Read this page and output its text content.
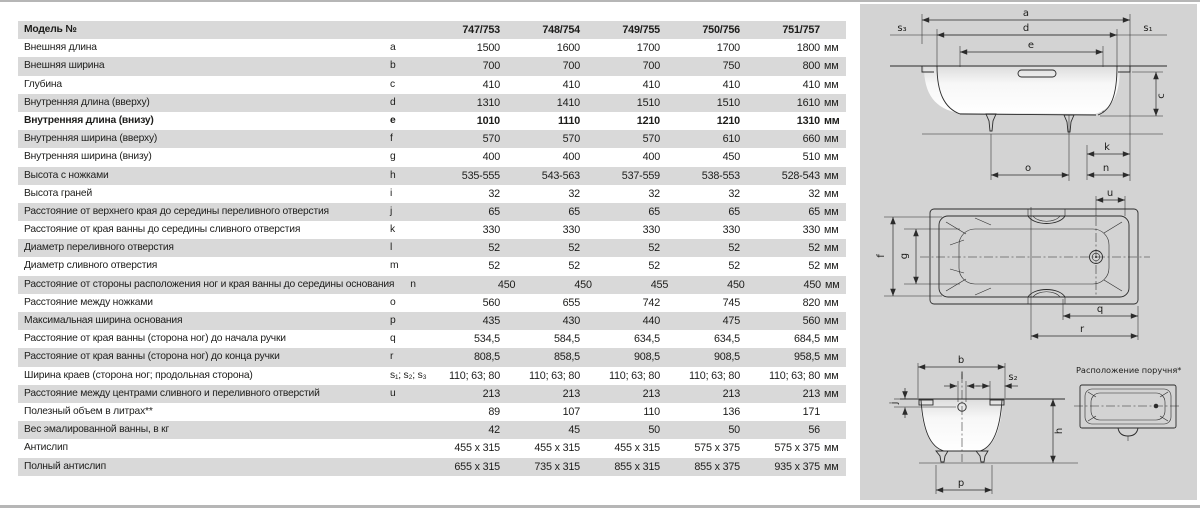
Модель №	747/753	748/754	749/755	750/756	751/757
Внешняя длина	a	1500	1600	1700	1700	1800 мм
Внешняя ширина	b	700	700	700	750	800 мм
Глубина	c	410	410	410	410	410 мм
Внутренняя длина (вверху)	d	1310	1410	1510	1510	1610 мм
Внутренняя длина (внизу)	e	1010	1110	1210	1210	1310 мм
Внутренняя ширина (вверху)	f	570	570	570	610	660 мм
Внутренняя ширина (внизу)	g	400	400	400	450	510 мм
Высота с ножками	h	535-555	543-563	537-559	538-553	528-543 мм
Высота граней	i	32	32	32	32	32 мм
Расстояние от верхнего края до середины переливного отверстия	j	65	65	65	65	65 мм
Расстояние от края ванны до середины сливного отверстия	k	330	330	330	330	330 мм
Диаметр переливного отверстия	l	52	52	52	52	52 мм
Диаметр сливного отверстия	m	52	52	52	52	52 мм
Расстояние от стороны расположения ног и края ванны до середины основания	n	450	450	455	450	450 мм
Расстояние между ножками	o	560	655	742	745	820 мм
Максимальная ширина основания	p	435	430	440	475	560 мм
Расстояние от края ванны (сторона ног) до начала ручки	q	534,5	584,5	634,5	634,5	684,5 мм
Расстояние от края ванны (сторона ног) до конца ручки	r	808,5	858,5	908,5	908,5	958,5 мм
Ширина краев (сторона ног; продольная сторона)	s₁; s₂; s₃	110; 63; 80	110; 63; 80	110; 63; 80	110; 63; 80	110; 63; 80 мм
Расстояние между центрами сливного и переливного отверстий	u	213	213	213	213	213 мм
Полезный объем в литрах**	89	107	110	136	171
Вес эмалированной ванны, в кг	42	45	50	50	56
Антислип	455 x 315	455 x 315	455 x 315	575 x 375	575 x 375 мм
Полный антислип	655 x 315	735 x 315	855 x 315	855 x 375	935 x 375 мм
a
d
s₃	s₁
e
c
k
o	n
u
f g
q
r
b
l	s₂
j
h
p
Расположение поручня*
